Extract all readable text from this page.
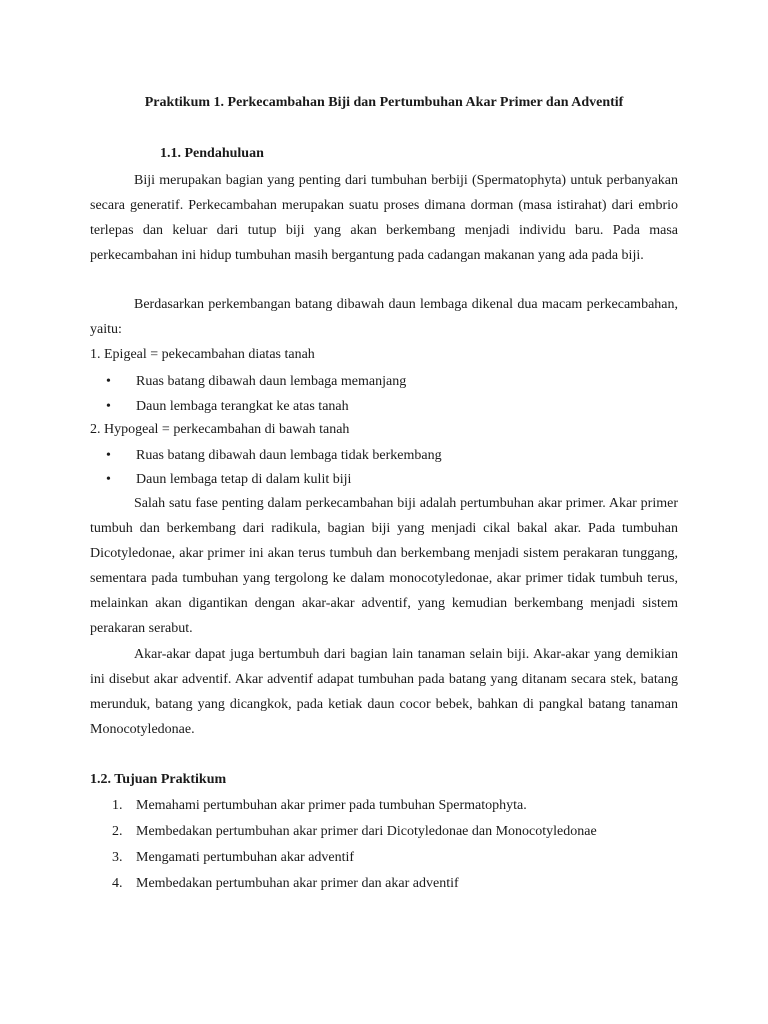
Praktikum 1. Perkecambahan Biji dan Pertumbuhan Akar Primer dan Adventif
1.1. Pendahuluan

Biji merupakan bagian yang penting dari tumbuhan berbiji (Spermatophyta) untuk perbanyakan secara generatif. Perkecambahan merupakan suatu proses dimana dorman (masa istirahat) dari embrio terlepas dan keluar dari tutup biji yang akan berkembang menjadi individu baru. Pada masa perkecambahan ini hidup tumbuhan masih bergantung pada cadangan makanan yang ada pada biji.

Berdasarkan perkembangan batang dibawah daun lembaga dikenal dua macam perkecambahan, yaitu:

1. Epigeal = pekecambahan diatas tanah
• Ruas batang dibawah daun lembaga memanjang
• Daun lembaga terangkat ke atas tanah
2. Hypogeal = perkecambahan di bawah tanah
• Ruas batang dibawah daun lembaga tidak berkembang
• Daun lembaga tetap di dalam kulit biji

Salah satu fase penting dalam perkecambahan biji adalah pertumbuhan akar primer. Akar primer tumbuh dan berkembang dari radikula, bagian biji yang menjadi cikal bakal akar. Pada tumbuhan Dicotyledonae, akar primer ini akan terus tumbuh dan berkembang menjadi sistem perakaran tunggang, sementara pada tumbuhan yang tergolong ke dalam monocotyledonae, akar primer tidak tumbuh terus, melainkan akan digantikan dengan akar-akar adventif, yang kemudian berkembang menjadi sistem perakaran serabut.

Akar-akar dapat juga bertumbuh dari bagian lain tanaman selain biji. Akar-akar yang demikian ini disebut akar adventif. Akar adventif adapat tumbuhan pada batang yang ditanam secara stek, batang merunduk, batang yang dicangkok, pada ketiak daun cocor bebek, bahkan di pangkal batang tanaman Monocotyledonae.

1.2. Tujuan Praktikum
1. Memahami pertumbuhan akar primer pada tumbuhan Spermatophyta.
2. Membedakan pertumbuhan akar primer dari Dicotyledonae dan Monocotyledonae
3. Mengamati pertumbuhan akar adventif
4. Membedakan pertumbuhan akar primer dan akar adventif
